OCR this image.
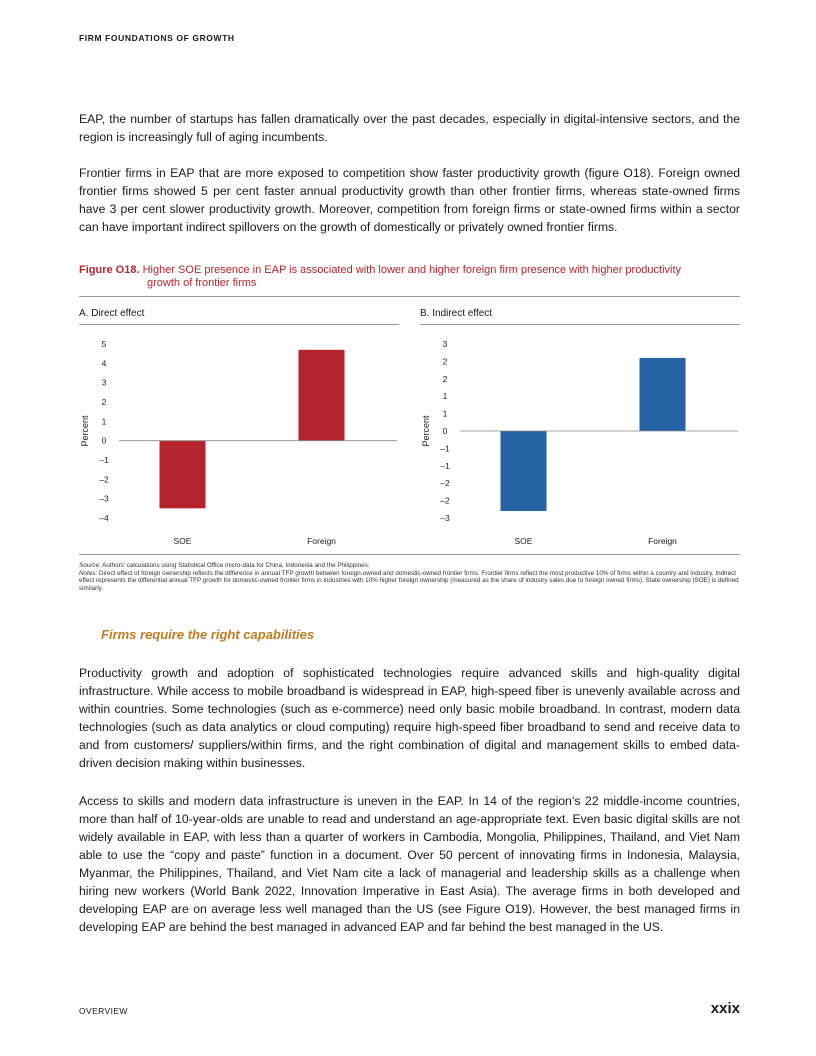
FIRM FOUNDATIONS OF GROWTH

EAP, the number of startups has fallen dramatically over the past decades, especially in digital-intensive sectors, and the region is increasingly full of aging incumbents.

Frontier firms in EAP that are more exposed to competition show faster productivity growth (figure O18). Foreign owned frontier firms showed 5 per cent faster annual productivity growth than other frontier firms, whereas state-owned firms have 3 per cent slower productivity growth. Moreover, competition from foreign firms or state-owned firms within a sector can have important indirect spillovers on the growth of domestically or privately owned frontier firms.

Figure O18. Higher SOE presence in EAP is associated with lower and higher foreign firm presence with higher productivity
growth of frontier firms
A. Direct effect	B. Indirect effect
Percent
5
4
3
2
1
0
–1
–2
–3
–4
SOE	Foreign
Percent
3
2
2
1
1
0
–1
–1
–2
–2
–3
SOE	Foreign

Source: Authors’ calculations using Statistical Office micro-data for China, Indonesia and the Philippines.

Notes: Direct effect of foreign ownership reflects the difference in annual TFP growth between foreign-owned and domestic-owned frontier firms. Frontier firms reflect the most productive 10% of firms within a country and industry. Indirect effect represents the differential annual TFP growth for domestic-owned frontier firms in industries with 10% higher foreign ownership (measured as the share of industry sales due to foreign owned firms). State ownership (SOE) is defined similarly.

Firms require the right capabilities

Productivity growth and adoption of sophisticated technologies require advanced skills and high-quality digital infrastructure. While access to mobile broadband is widespread in EAP, high-speed fiber is unevenly available across and within countries. Some technologies (such as e-commerce) need only basic mobile broadband. In contrast, modern data technologies (such as data analytics or cloud computing) require high-speed fiber broadband to send and receive data to and from customers/ suppliers/within firms, and the right combination of digital and management skills to embed data-driven decision making within businesses.

Access to skills and modern data infrastructure is uneven in the EAP. In 14 of the region’s 22 middle-income countries, more than half of 10-year-olds are unable to read and understand an age-appropriate text. Even basic digital skills are not widely available in EAP, with less than a quarter of workers in Cambodia, Mongolia, Philippines, Thailand, and Viet Nam able to use the “copy and paste” function in a document. Over 50 percent of innovating firms in Indonesia, Malaysia, Myanmar, the Philippines, Thailand, and Viet Nam cite a lack of managerial and leadership skills as a challenge when hiring new workers (World Bank 2022, Innovation Imperative in East Asia). The average firms in both developed and developing EAP are on average less well managed than the US (see Figure O19). However, the best managed firms in developing EAP are behind the best managed in advanced EAP and far behind the best managed in the US.

OVERVIEW	xxix
